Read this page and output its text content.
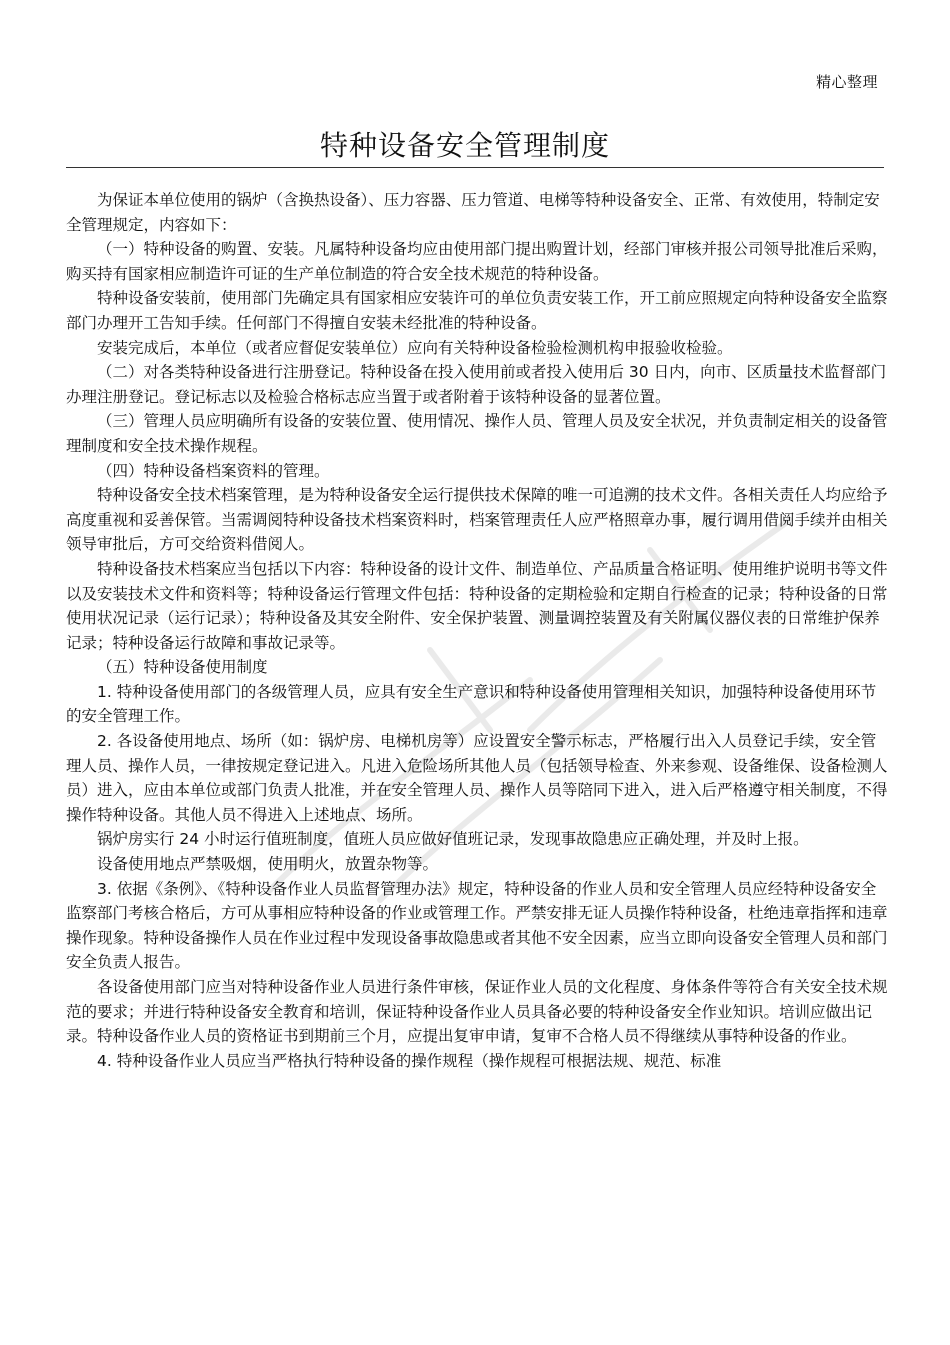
精心整理
特种设备安全管理制度

为保证本单位使用的锅炉（含换热设备）、压力容器、压力管道、电梯等特种设备安全、正常、有效使用，特制定安全管理规定，内容如下：

（一）特种设备的购置、安装。凡属特种设备均应由使用部门提出购置计划，经部门审核并报公司领导批准后采购，购买持有国家相应制造许可证的生产单位制造的符合安全技术规范的特种设备。

特种设备安装前，使用部门先确定具有国家相应安装许可的单位负责安装工作，开工前应照规定向特种设备安全监察部门办理开工告知手续。任何部门不得擅自安装未经批准的特种设备。

安装完成后，本单位（或者应督促安装单位）应向有关特种设备检验检测机构申报验收检验。

（二）对各类特种设备进行注册登记。特种设备在投入使用前或者投入使用后 30 日内，向市、区质量技术监督部门办理注册登记。登记标志以及检验合格标志应当置于或者附着于该特种设备的显著位置。

（三）管理人员应明确所有设备的安装位置、使用情况、操作人员、管理人员及安全状况，并负责制定相关的设备管理制度和安全技术操作规程。

（四）特种设备档案资料的管理。

特种设备安全技术档案管理，是为特种设备安全运行提供技术保障的唯一可追溯的技术文件。各相关责任人均应给予高度重视和妥善保管。当需调阅特种设备技术档案资料时，档案管理责任人应严格照章办事，履行调用借阅手续并由相关领导审批后，方可交给资料借阅人。

特种设备技术档案应当包括以下内容：特种设备的设计文件、制造单位、产品质量合格证明、使用维护说明书等文件以及安装技术文件和资料等；特种设备运行管理文件包括：特种设备的定期检验和定期自行检查的记录；特种设备的日常使用状况记录（运行记录）；特种设备及其安全附件、安全保护装置、测量调控装置及有关附属仪器仪表的日常维护保养记录；特种设备运行故障和事故记录等。

（五）特种设备使用制度

1. 特种设备使用部门的各级管理人员，应具有安全生产意识和特种设备使用管理相关知识，加强特种设备使用环节的安全管理工作。

2. 各设备使用地点、场所（如：锅炉房、电梯机房等）应设置安全警示标志，严格履行出入人员登记手续，安全管理人员、操作人员，一律按规定登记进入。凡进入危险场所其他人员（包括领导检查、外来参观、设备维保、设备检测人员）进入，应由本单位或部门负责人批准，并在安全管理人员、操作人员等陪同下进入，进入后严格遵守相关制度，不得操作特种设备。其他人员不得进入上述地点、场所。

锅炉房实行 24 小时运行值班制度，值班人员应做好值班记录，发现事故隐患应正确处理，并及时上报。

设备使用地点严禁吸烟，使用明火，放置杂物等。

3. 依据《条例》、《特种设备作业人员监督管理办法》规定，特种设备的作业人员和安全管理人员应经特种设备安全监察部门考核合格后，方可从事相应特种设备的作业或管理工作。严禁安排无证人员操作特种设备，杜绝违章指挥和违章操作现象。特种设备操作人员在作业过程中发现设备事故隐患或者其他不安全因素，应当立即向设备安全管理人员和部门安全负责人报告。

各设备使用部门应当对特种设备作业人员进行条件审核，保证作业人员的文化程度、身体条件等符合有关安全技术规范的要求；并进行特种设备安全教育和培训，保证特种设备作业人员具备必要的特种设备安全作业知识。培训应做出记录。特种设备作业人员的资格证书到期前三个月，应提出复审申请，复审不合格人员不得继续从事特种设备的作业。

4. 特种设备作业人员应当严格执行特种设备的操作规程（操作规程可根据法规、规范、标准
